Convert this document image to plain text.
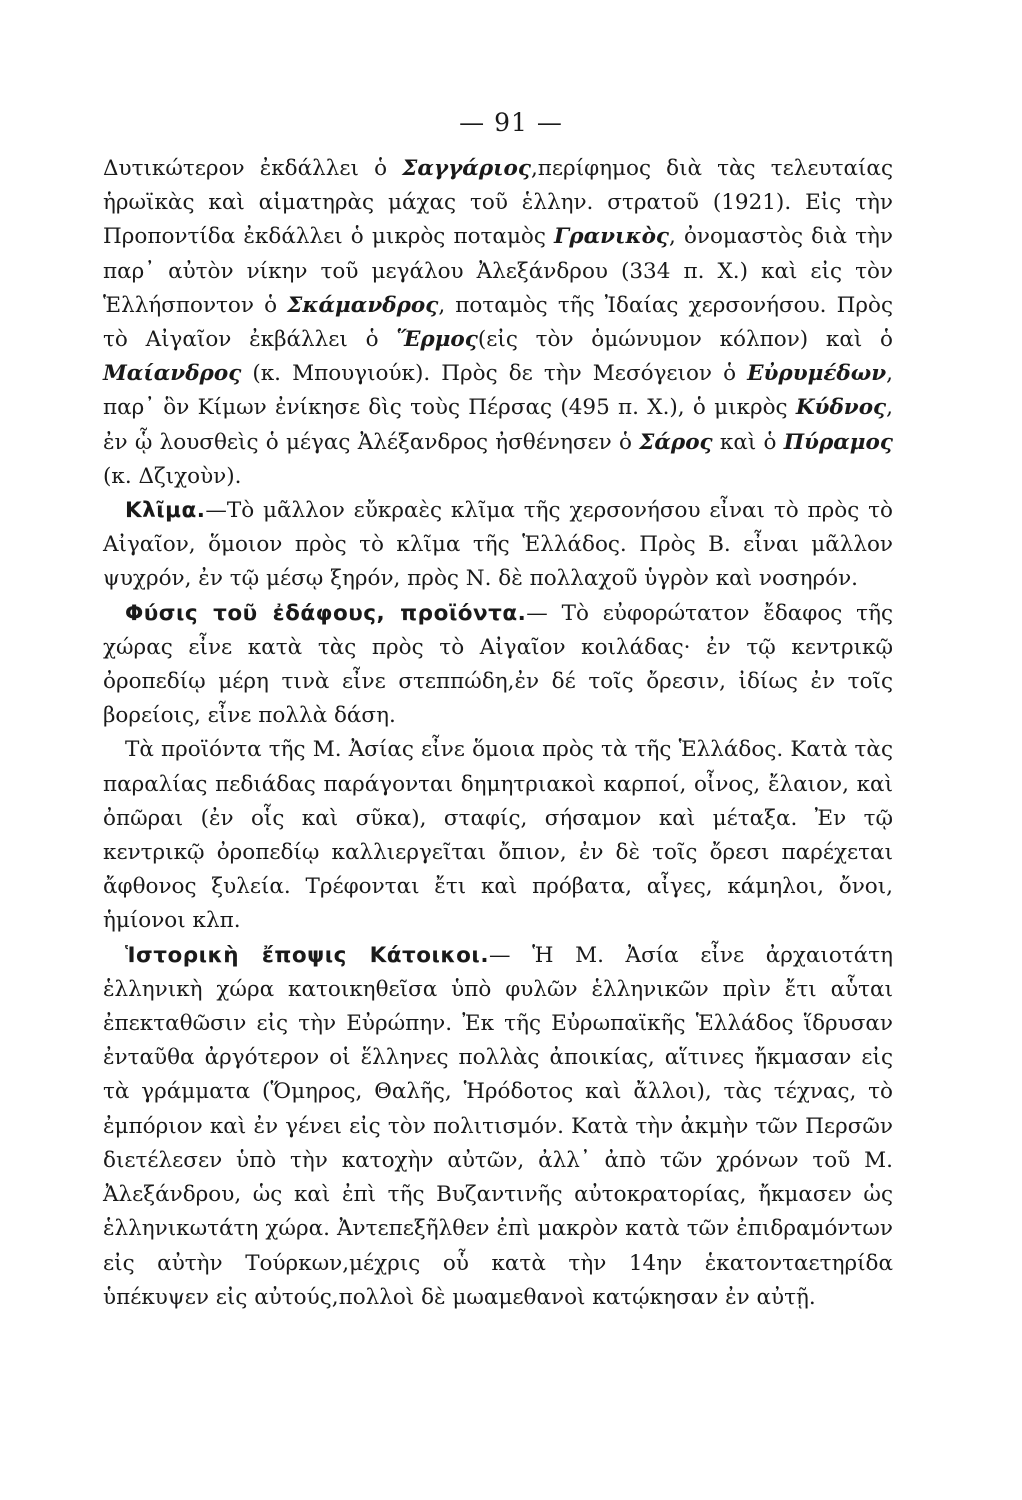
— 91 —

Δυτικώτερον ἐκδάλλει ὁ Σαγγάριος,περίφημος διὰ τὰς τελευταίας ἡρωϊκὰς καὶ αἱματηρὰς μάχας τοῦ ἑλλην. στρατοῦ (1921). Εἰς τὴν Προποντίδα ἐκδάλλει ὁ μικρὸς ποταμὸς Γρανικὸς, ὀνομαστὸς διὰ τὴν παρ᾽ αὐτὸν νίκην τοῦ μεγάλου Ἀλεξάνδρου (334 π. Χ.) καὶ εἰς τὸν Ἑλλήσποντον ὁ Σκάμανδρος, ποταμὸς τῆς Ἰδαίας χερσονήσου. Πρὸς τὸ Αἰγαῖον ἐκβάλλει ὁ Ἕρμος(εἰς τὸν ὁμώνυμον κόλπον) καὶ ὁ Μαίανδρος (κ. Μπουγιούκ). Πρὸς δε τὴν Μεσόγειον ὁ Εὐρυμέδων, παρ᾽ ὃν Κίμων ἐνίκησε δὶς τοὺς Πέρσας (495 π. Χ.), ὁ μικρὸς Κύδνος, ἐν ᾧ λουσθεὶς ὁ μέγας Ἀλέξανδρος ἠσθένησεν ὁ Σάρος καὶ ὁ Πύραμος (κ. Δζιχοὺν).

Κλῖμα.—Τὸ μᾶλλον εὔκραὲς κλῖμα τῆς χερσονήσου εἶναι τὸ πρὸς τὸ Αἰγαῖον, ὅμοιον πρὸς τὸ κλῖμα τῆς Ἑλλάδος. Πρὸς Β. εἶναι μᾶλλον ψυχρόν, ἐν τῷ μέσῳ ξηρόν, πρὸς Ν. δὲ πολλαχοῦ ὑγρὸν καὶ νοσηρόν.

Φύσις τοῦ ἐδάφους, προϊόντα.— Τὸ εὐφορώτατον ἔδαφος τῆς χώρας εἶνε κατὰ τὰς πρὸς τὸ Αἰγαῖον κοιλάδας· ἐν τῷ κεντρικῷ ὀροπεδίῳ μέρη τινὰ εἶνε στεππώδη,ἐν δέ τοῖς ὄρεσιν, ἰδίως ἐν τοῖς βορείοις, εἶνε πολλὰ δάση.

Τὰ προϊόντα τῆς Μ. Ἀσίας εἶνε ὅμοια πρὸς τὰ τῆς Ἑλλάδος. Κατὰ τὰς παραλίας πεδιάδας παράγονται δημητριακοὶ καρποί, οἶνος, ἔλαιον, καὶ ὀπῶραι (ἐν οἷς καὶ σῦκα), σταφίς, σήσαμον καὶ μέταξα. Ἐν τῷ κεντρικῷ ὀροπεδίῳ καλλιεργεῖται ὄπιον, ἐν δὲ τοῖς ὄρεσι παρέχεται ἄφθονος ξυλεία. Τρέφονται ἔτι καὶ πρόβατα, αἶγες, κάμηλοι, ὄνοι, ἡμίονοι κλπ.

Ἱστορικὴ ἔποψις Κάτοικοι.— Ἡ Μ. Ἀσία εἶνε ἀρχαιοτάτη ἑλληνικὴ χώρα κατοικηθεῖσα ὑπὸ φυλῶν ἑλληνικῶν πρὶν ἔτι αὗται ἐπεκταθῶσιν εἰς τὴν Εὐρώπην. Ἐκ τῆς Εὐρωπαϊκῆς Ἑλλάδος ἵδρυσαν ἐνταῦθα ἀργότερον οἱ ἕλληνες πολλὰς ἀποικίας, αἵτινες ἤκμασαν εἰς τὰ γράμματα (Ὅμηρος, Θαλῆς, Ἡρόδοτος καὶ ἄλλοι), τὰς τέχνας, τὸ ἐμπόριον καὶ ἐν γένει εἰς τὸν πολιτισμόν. Κατὰ τὴν ἀκμὴν τῶν Περσῶν διετέλεσεν ὑπὸ τὴν κατοχὴν αὐτῶν, ἀλλ᾽ ἀπὸ τῶν χρόνων τοῦ Μ. Ἀλεξάνδρου, ὡς καὶ ἐπὶ τῆς Βυζαντινῆς αὐτοκρατορίας, ἤκμασεν ὡς ἑλληνικωτάτη χώρα. Ἀντεπεξῆλθεν ἐπὶ μακρὸν κατὰ τῶν ἐπιδραμόντων εἰς αὐτὴν Τούρκων,μέχρις οὗ κατὰ τὴν 14ην ἑκατονταετηρίδα ὑπέκυψεν εἰς αὐτούς,πολλοὶ δὲ μωαμεθανοὶ κατῴκησαν ἐν αὐτῇ.
